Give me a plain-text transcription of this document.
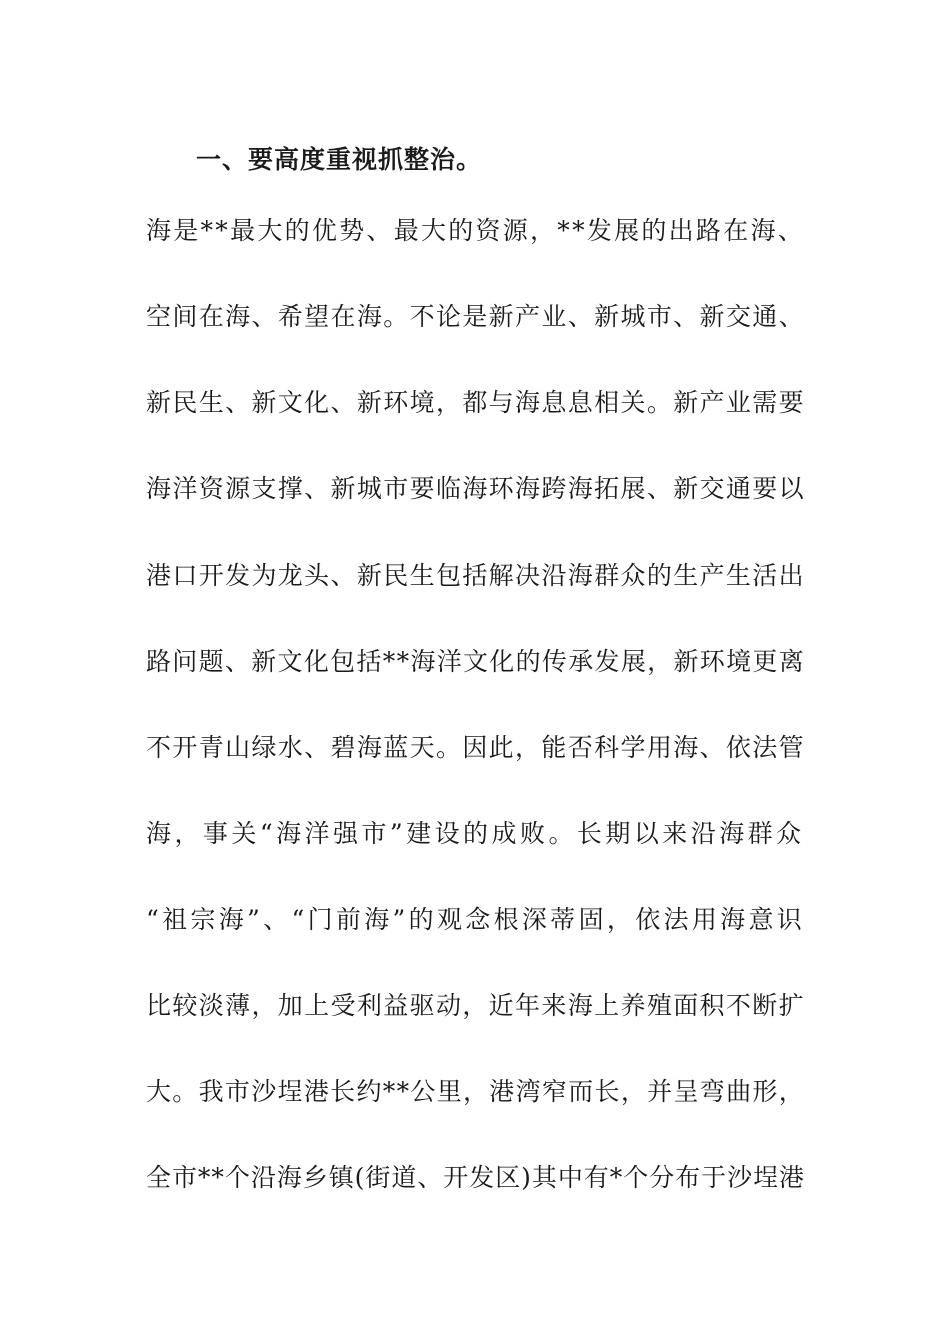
一、要高度重视抓整治。
海是**最大的优势、最大的资源，**发展的出路在海、
空间在海、希望在海。不论是新产业、新城市、新交通、
新民生、新文化、新环境，都与海息息相关。新产业需要
海洋资源支撑、新城市要临海环海跨海拓展、新交通要以
港口开发为龙头、新民生包括解决沿海群众的生产生活出
路问题、新文化包括**海洋文化的传承发展，新环境更离
不开青山绿水、碧海蓝天。因此，能否科学用海、依法管
海，事关“海洋强市”建设的成败。长期以来沿海群众
“祖宗海”、“门前海”的观念根深蒂固，依法用海意识
比较淡薄，加上受利益驱动，近年来海上养殖面积不断扩
大。我市沙埕港长约**公里，港湾窄而长，并呈弯曲形，
全市**个沿海乡镇(街道、开发区)其中有*个分布于沙埕港
